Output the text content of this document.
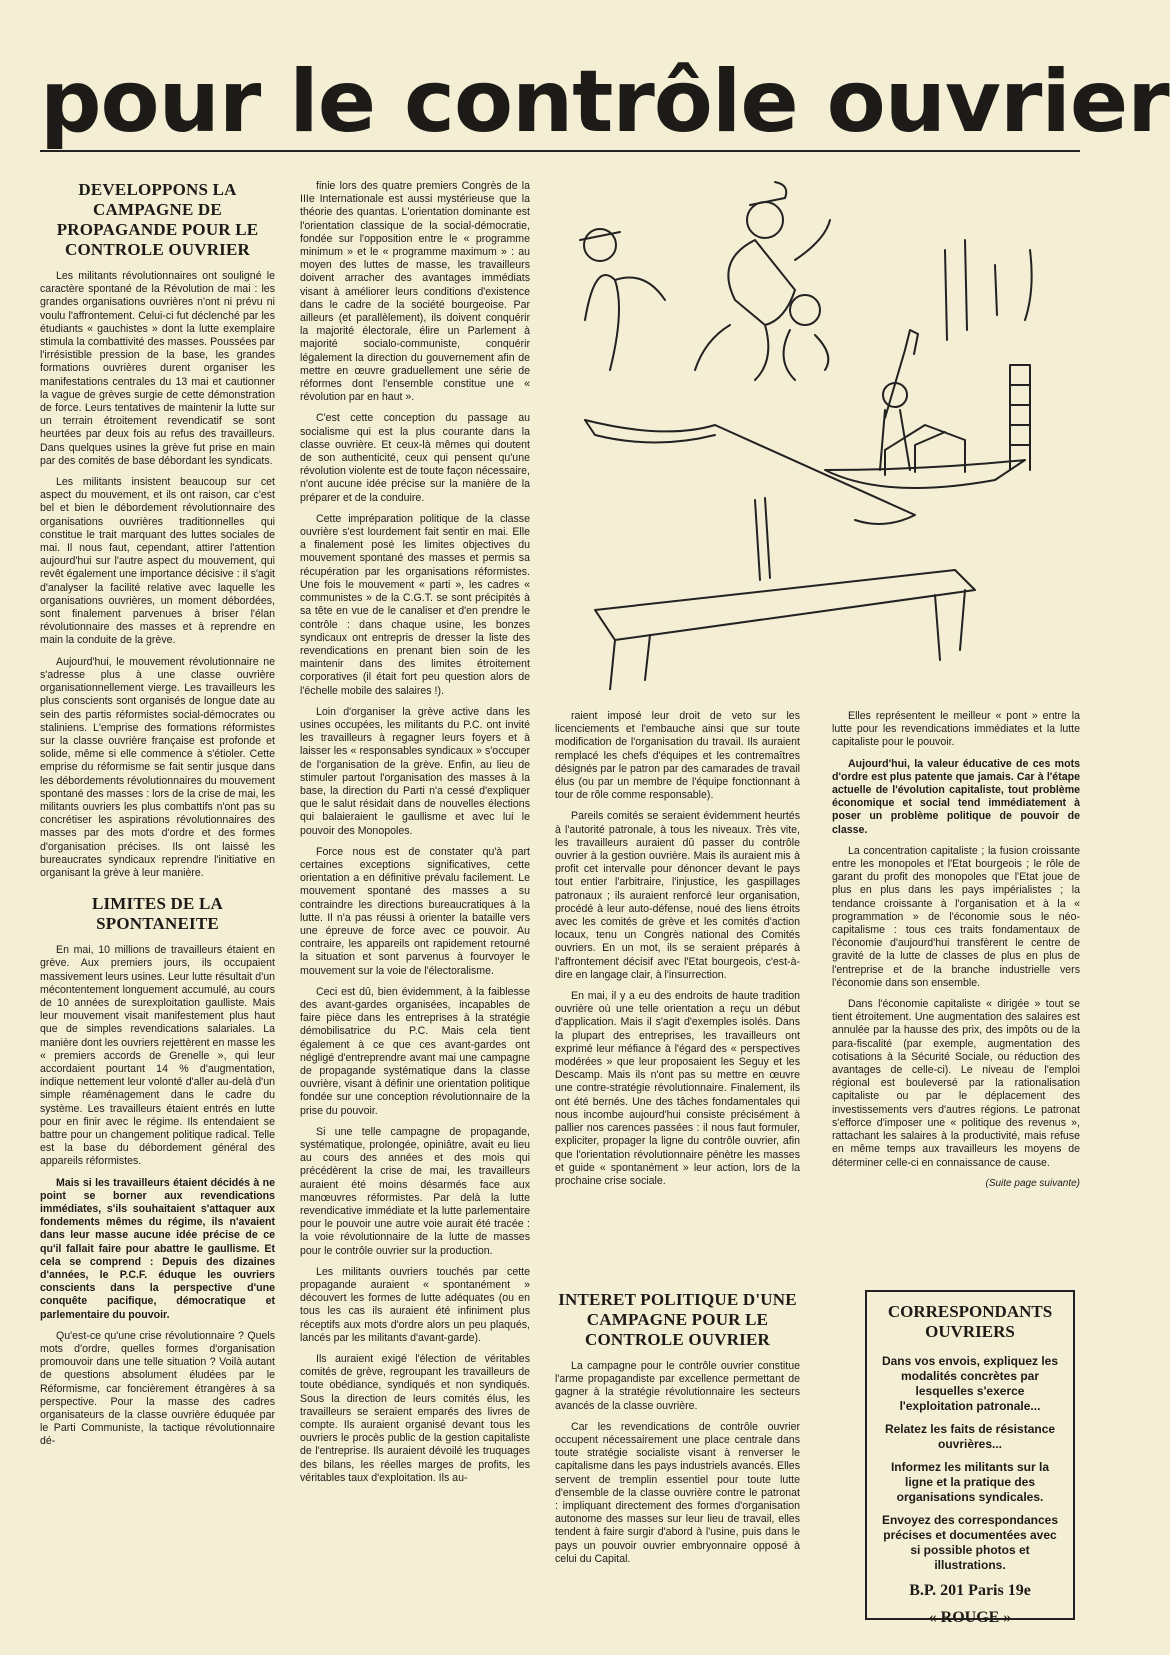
pour le contrôle ouvrier
DEVELOPPONS LA CAMPAGNE DE PROPAGANDE POUR LE CONTROLE OUVRIER

Les militants révolutionnaires ont souligné le caractère spontané de la Révolution de mai : les grandes organisations ouvrières n'ont ni prévu ni voulu l'affrontement. Celui-ci fut déclenché par les étudiants « gauchistes » dont la lutte exemplaire stimula la combattivité des masses. Poussées par l'irrésistible pression de la base, les grandes formations ouvrières durent organiser les manifestations centrales du 13 mai et cautionner la vague de grèves surgie de cette démonstration de force. Leurs tentatives de maintenir la lutte sur un terrain étroitement revendicatif se sont heurtées par deux fois au refus des travailleurs. Dans quelques usines la grève fut prise en main par des comités de base débordant les syndicats.

Les militants insistent beaucoup sur cet aspect du mouvement, et ils ont raison, car c'est bel et bien le débordement révolutionnaire des organisations ouvrières traditionnelles qui constitue le trait marquant des luttes sociales de mai. Il nous faut, cependant, attirer l'attention aujourd'hui sur l'autre aspect du mouvement, qui revêt également une importance décisive : il s'agit d'analyser la facilité relative avec laquelle les organisations ouvrières, un moment débordées, sont finalement parvenues à briser l'élan révolutionnaire des masses et à reprendre en main la conduite de la grève.

Aujourd'hui, le mouvement révolutionnaire ne s'adresse plus à une classe ouvrière organisationnellement vierge. Les travailleurs les plus conscients sont organisés de longue date au sein des partis réformistes social-démocrates ou staliniens. L'emprise des formations réformistes sur la classe ouvrière française est profonde et solide, même si elle commence à s'étioler. Cette emprise du réformisme se fait sentir jusque dans les débordements révolutionnaires du mouvement spontané des masses : lors de la crise de mai, les militants ouvriers les plus combattifs n'ont pas su concrétiser les aspirations révolutionnaires des masses par des mots d'ordre et des formes d'organisation précises. Ils ont laissé les bureaucrates syndicaux reprendre l'initiative en organisant la grève à leur manière.

LIMITES DE LA SPONTANEITE

En mai, 10 millions de travailleurs étaient en grève. Aux premiers jours, ils occupaient massivement leurs usines. Leur lutte résultait d'un mécontentement longuement accumulé, au cours de 10 années de surexploitation gaulliste. Mais leur mouvement visait manifestement plus haut que de simples revendications salariales. La manière dont les ouvriers rejettèrent en masse les « premiers accords de Grenelle », qui leur accordaient pourtant 14 % d'augmentation, indique nettement leur volonté d'aller au-delà d'un simple réaménagement dans le cadre du système. Les travailleurs étaient entrés en lutte pour en finir avec le régime. Ils entendaient se battre pour un changement politique radical. Telle est la base du débordement général des appareils réformistes.

Mais si les travailleurs étaient décidés à ne point se borner aux revendications immédiates, s'ils souhaitaient s'attaquer aux fondements mêmes du régime, ils n'avaient dans leur masse aucune idée précise de ce qu'il fallait faire pour abattre le gaullisme. Et cela se comprend : Depuis des dizaines d'années, le P.C.F. éduque les ouvriers conscients dans la perspective d'une conquête pacifique, démocratique et parlementaire du pouvoir.

Qu'est-ce qu'une crise révolutionnaire ? Quels mots d'ordre, quelles formes d'organisation promouvoir dans une telle situation ? Voilà autant de questions absolument éludées par le Réformisme, car foncièrement étrangères à sa perspective. Pour la masse des cadres organisateurs de la classe ouvrière éduquée par le Parti Communiste, la tactique révolutionnaire dé-

finie lors des quatre premiers Congrès de la IIIe Internationale est aussi mystérieuse que la théorie des quantas. L'orientation dominante est l'orientation classique de la social-démocratie, fondée sur l'opposition entre le « programme minimum » et le « programme maximum » : au moyen des luttes de masse, les travailleurs doivent arracher des avantages immédiats visant à améliorer leurs conditions d'existence dans le cadre de la société bourgeoise. Par ailleurs (et parallèlement), ils doivent conquérir la majorité électorale, élire un Parlement à majorité socialo-communiste, conquérir légalement la direction du gouvernement afin de mettre en œuvre graduellement une série de réformes dont l'ensemble constitue une « révolution par en haut ».

C'est cette conception du passage au socialisme qui est la plus courante dans la classe ouvrière. Et ceux-là mêmes qui doutent de son authenticité, ceux qui pensent qu'une révolution violente est de toute façon nécessaire, n'ont aucune idée précise sur la manière de la préparer et de la conduire.

Cette impréparation politique de la classe ouvrière s'est lourdement fait sentir en mai. Elle a finalement posé les limites objectives du mouvement spontané des masses et permis sa récupération par les organisations réformistes. Une fois le mouvement « parti », les cadres « communistes » de la C.G.T. se sont précipités à sa tête en vue de le canaliser et d'en prendre le contrôle : dans chaque usine, les bonzes syndicaux ont entrepris de dresser la liste des revendications en prenant bien soin de les maintenir dans des limites étroitement corporatives (il était fort peu question alors de l'échelle mobile des salaires !).

Loin d'organiser la grève active dans les usines occupées, les militants du P.C. ont invité les travailleurs à regagner leurs foyers et à laisser les « responsables syndicaux » s'occuper de l'organisation de la grève. Enfin, au lieu de stimuler partout l'organisation des masses à la base, la direction du Parti n'a cessé d'expliquer que le salut résidait dans de nouvelles élections qui balaieraient le gaullisme et avec lui le pouvoir des Monopoles.

Force nous est de constater qu'à part certaines exceptions significatives, cette orientation a en définitive prévalu facilement. Le mouvement spontané des masses a su contraindre les directions bureaucratiques à la lutte. Il n'a pas réussi à orienter la bataille vers une épreuve de force avec ce pouvoir. Au contraire, les appareils ont rapidement retourné la situation et sont parvenus à fourvoyer le mouvement sur la voie de l'électoralisme.

Ceci est dû, bien évidemment, à la faiblesse des avant-gardes organisées, incapables de faire pièce dans les entreprises à la stratégie démobilisatrice du P.C. Mais cela tient également à ce que ces avant-gardes ont négligé d'entreprendre avant mai une campagne de propagande systématique dans la classe ouvrière, visant à définir une orientation politique fondée sur une conception révolutionnaire de la prise du pouvoir.

Si une telle campagne de propagande, systématique, prolongée, opiniâtre, avait eu lieu au cours des années et des mois qui précédèrent la crise de mai, les travailleurs auraient été moins désarmés face aux manœuvres réformistes. Par delà la lutte revendicative immédiate et la lutte parlementaire pour le pouvoir une autre voie aurait été tracée : la voie révolutionnaire de la lutte de masses pour le contrôle ouvrier sur la production.

Les militants ouvriers touchés par cette propagande auraient « spontanément » découvert les formes de lutte adéquates (ou en tous les cas ils auraient été infiniment plus réceptifs aux mots d'ordre alors un peu plaqués, lancés par les militants d'avant-garde).

Ils auraient exigé l'élection de véritables comités de grève, regroupant les travailleurs de toute obédiance, syndiqués et non syndiqués. Sous la direction de leurs comités élus, les travailleurs se seraient emparés des livres de compte. Ils auraient organisé devant tous les ouvriers le procès public de la gestion capitaliste de l'entreprise. Ils auraient dévoilé les truquages des bilans, les réelles marges de profits, les véritables taux d'exploitation. Ils au-

raient imposé leur droit de veto sur les licenciements et l'embauche ainsi que sur toute modification de l'organisation du travail. Ils auraient remplacé les chefs d'équipes et les contremaîtres désignés par le patron par des camarades de travail élus (ou par un membre de l'équipe fonctionnant à tour de rôle comme responsable).

Pareils comités se seraient évidemment heurtés à l'autorité patronale, à tous les niveaux. Très vite, les travailleurs auraient dû passer du contrôle ouvrier à la gestion ouvrière. Mais ils auraient mis à profit cet intervalle pour dénoncer devant le pays tout entier l'arbitraire, l'injustice, les gaspillages patronaux ; ils auraient renforcé leur organisation, procédé à leur auto-défense, noué des liens étroits avec les comités de grève et les comités d'action locaux, tenu un Congrès national des Comités ouvriers. En un mot, ils se seraient préparés à l'affrontement décisif avec l'Etat bourgeois, c'est-à-dire en langage clair, à l'insurrection.

En mai, il y a eu des endroits de haute tradition ouvrière où une telle orientation a reçu un début d'application. Mais il s'agit d'exemples isolés. Dans la plupart des entreprises, les travailleurs ont exprimé leur méfiance à l'égard des « perspectives modérées » que leur proposaient les Seguy et les Descamp. Mais ils n'ont pas su mettre en œuvre une contre-stratégie révolutionnaire. Finalement, ils ont été bernés. Une des tâches fondamentales qui nous incombe aujourd'hui consiste précisément à pallier nos carences passées : il nous faut formuler, expliciter, propager la ligne du contrôle ouvrier, afin que l'orientation révolutionnaire pénètre les masses et guide « spontanément » leur action, lors de la prochaine crise sociale.

INTERET POLITIQUE D'UNE CAMPAGNE POUR LE CONTROLE OUVRIER

La campagne pour le contrôle ouvrier constitue l'arme propagandiste par excellence permettant de gagner à la stratégie révolutionnaire les secteurs avancés de la classe ouvrière.

Car les revendications de contrôle ouvrier occupent nécessairement une place centrale dans toute stratégie socialiste visant à renverser le capitalisme dans les pays industriels avancés. Elles servent de tremplin essentiel pour toute lutte d'ensemble de la classe ouvrière contre le patronat : impliquant directement des formes d'organisation autonome des masses sur leur lieu de travail, elles tendent à faire surgir d'abord à l'usine, puis dans le pays un pouvoir ouvrier embryonnaire opposé à celui du Capital.

Elles représentent le meilleur « pont » entre la lutte pour les revendications immédiates et la lutte capitaliste pour le pouvoir.

Aujourd'hui, la valeur éducative de ces mots d'ordre est plus patente que jamais. Car à l'étape actuelle de l'évolution capitaliste, tout problème économique et social tend immédiatement à poser un problème politique de pouvoir de classe.

La concentration capitaliste ; la fusion croissante entre les monopoles et l'Etat bourgeois ; le rôle de garant du profit des monopoles que l'Etat joue de plus en plus dans les pays impérialistes ; la tendance croissante à l'organisation et à la « programmation » de l'économie sous le néo-capitalisme : tous ces traits fondamentaux de l'économie d'aujourd'hui transfèrent le centre de gravité de la lutte de classes de plus en plus de l'entreprise et de la branche industrielle vers l'économie dans son ensemble.

Dans l'économie capitaliste « dirigée » tout se tient étroitement. Une augmentation des salaires est annulée par la hausse des prix, des impôts ou de la para-fiscalité (par exemple, augmentation des cotisations à la Sécurité Sociale, ou réduction des avantages de celle-ci). Le niveau de l'emploi régional est bouleversé par la rationalisation capitaliste ou par le déplacement des investissements vers d'autres régions. Le patronat s'efforce d'imposer une « politique des revenus », rattachant les salaires à la productivité, mais refuse en même temps aux travailleurs les moyens de déterminer celle-ci en connaissance de cause.

(Suite page suivante)
CORRESPONDANTS OUVRIERS

Dans vos envois, expliquez les modalités concrètes par lesquelles s'exerce l'exploitation patronale...

Relatez les faits de résistance ouvrières...

Informez les militants sur la ligne et la pratique des organisations syndicales.

Envoyez des correspondances précises et documentées avec si possible photos et illustrations.

B.P. 201 Paris 19e
« ROUGE »
